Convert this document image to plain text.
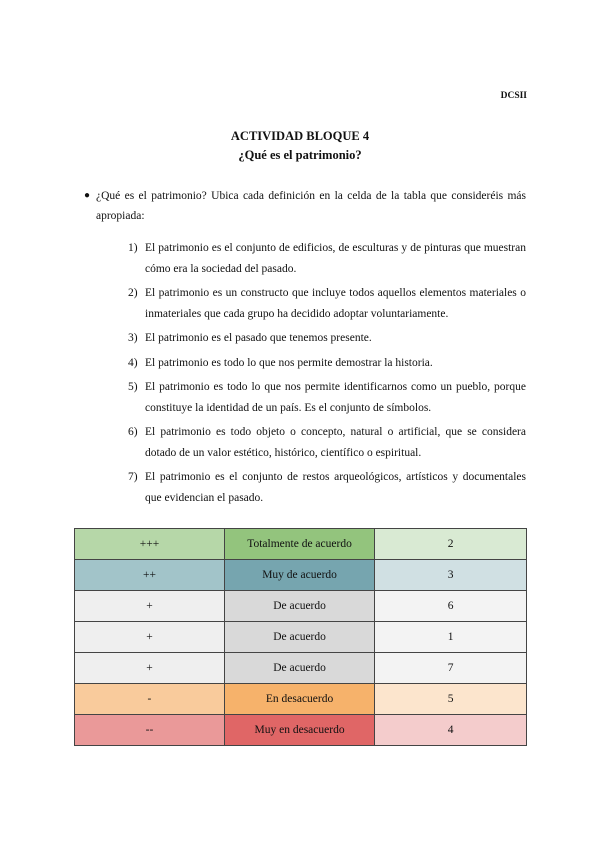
DCSII
ACTIVIDAD BLOQUE 4
¿Qué es el patrimonio?
● ¿Qué es el patrimonio? Ubica cada definición en la celda de la tabla que consideréis más apropiada:
1) El patrimonio es el conjunto de edificios, de esculturas y de pinturas que muestran cómo era la sociedad del pasado.
2) El patrimonio es un constructo que incluye todos aquellos elementos materiales o inmateriales que cada grupo ha decidido adoptar voluntariamente.
3) El patrimonio es el pasado que tenemos presente.
4) El patrimonio es todo lo que nos permite demostrar la historia.
5) El patrimonio es todo lo que nos permite identificarnos como un pueblo, porque constituye la identidad de un país. Es el conjunto de símbolos.
6) El patrimonio es todo objeto o concepto, natural o artificial, que se considera dotado de un valor estético, histórico, científico o espiritual.
7) El patrimonio es el conjunto de restos arqueológicos, artísticos y documentales que evidencian el pasado.
+++	Totalmente de acuerdo	2
++	Muy de acuerdo	3
+	De acuerdo	6
+	De acuerdo	1
+	De acuerdo	7
-	En desacuerdo	5
--	Muy en desacuerdo	4
